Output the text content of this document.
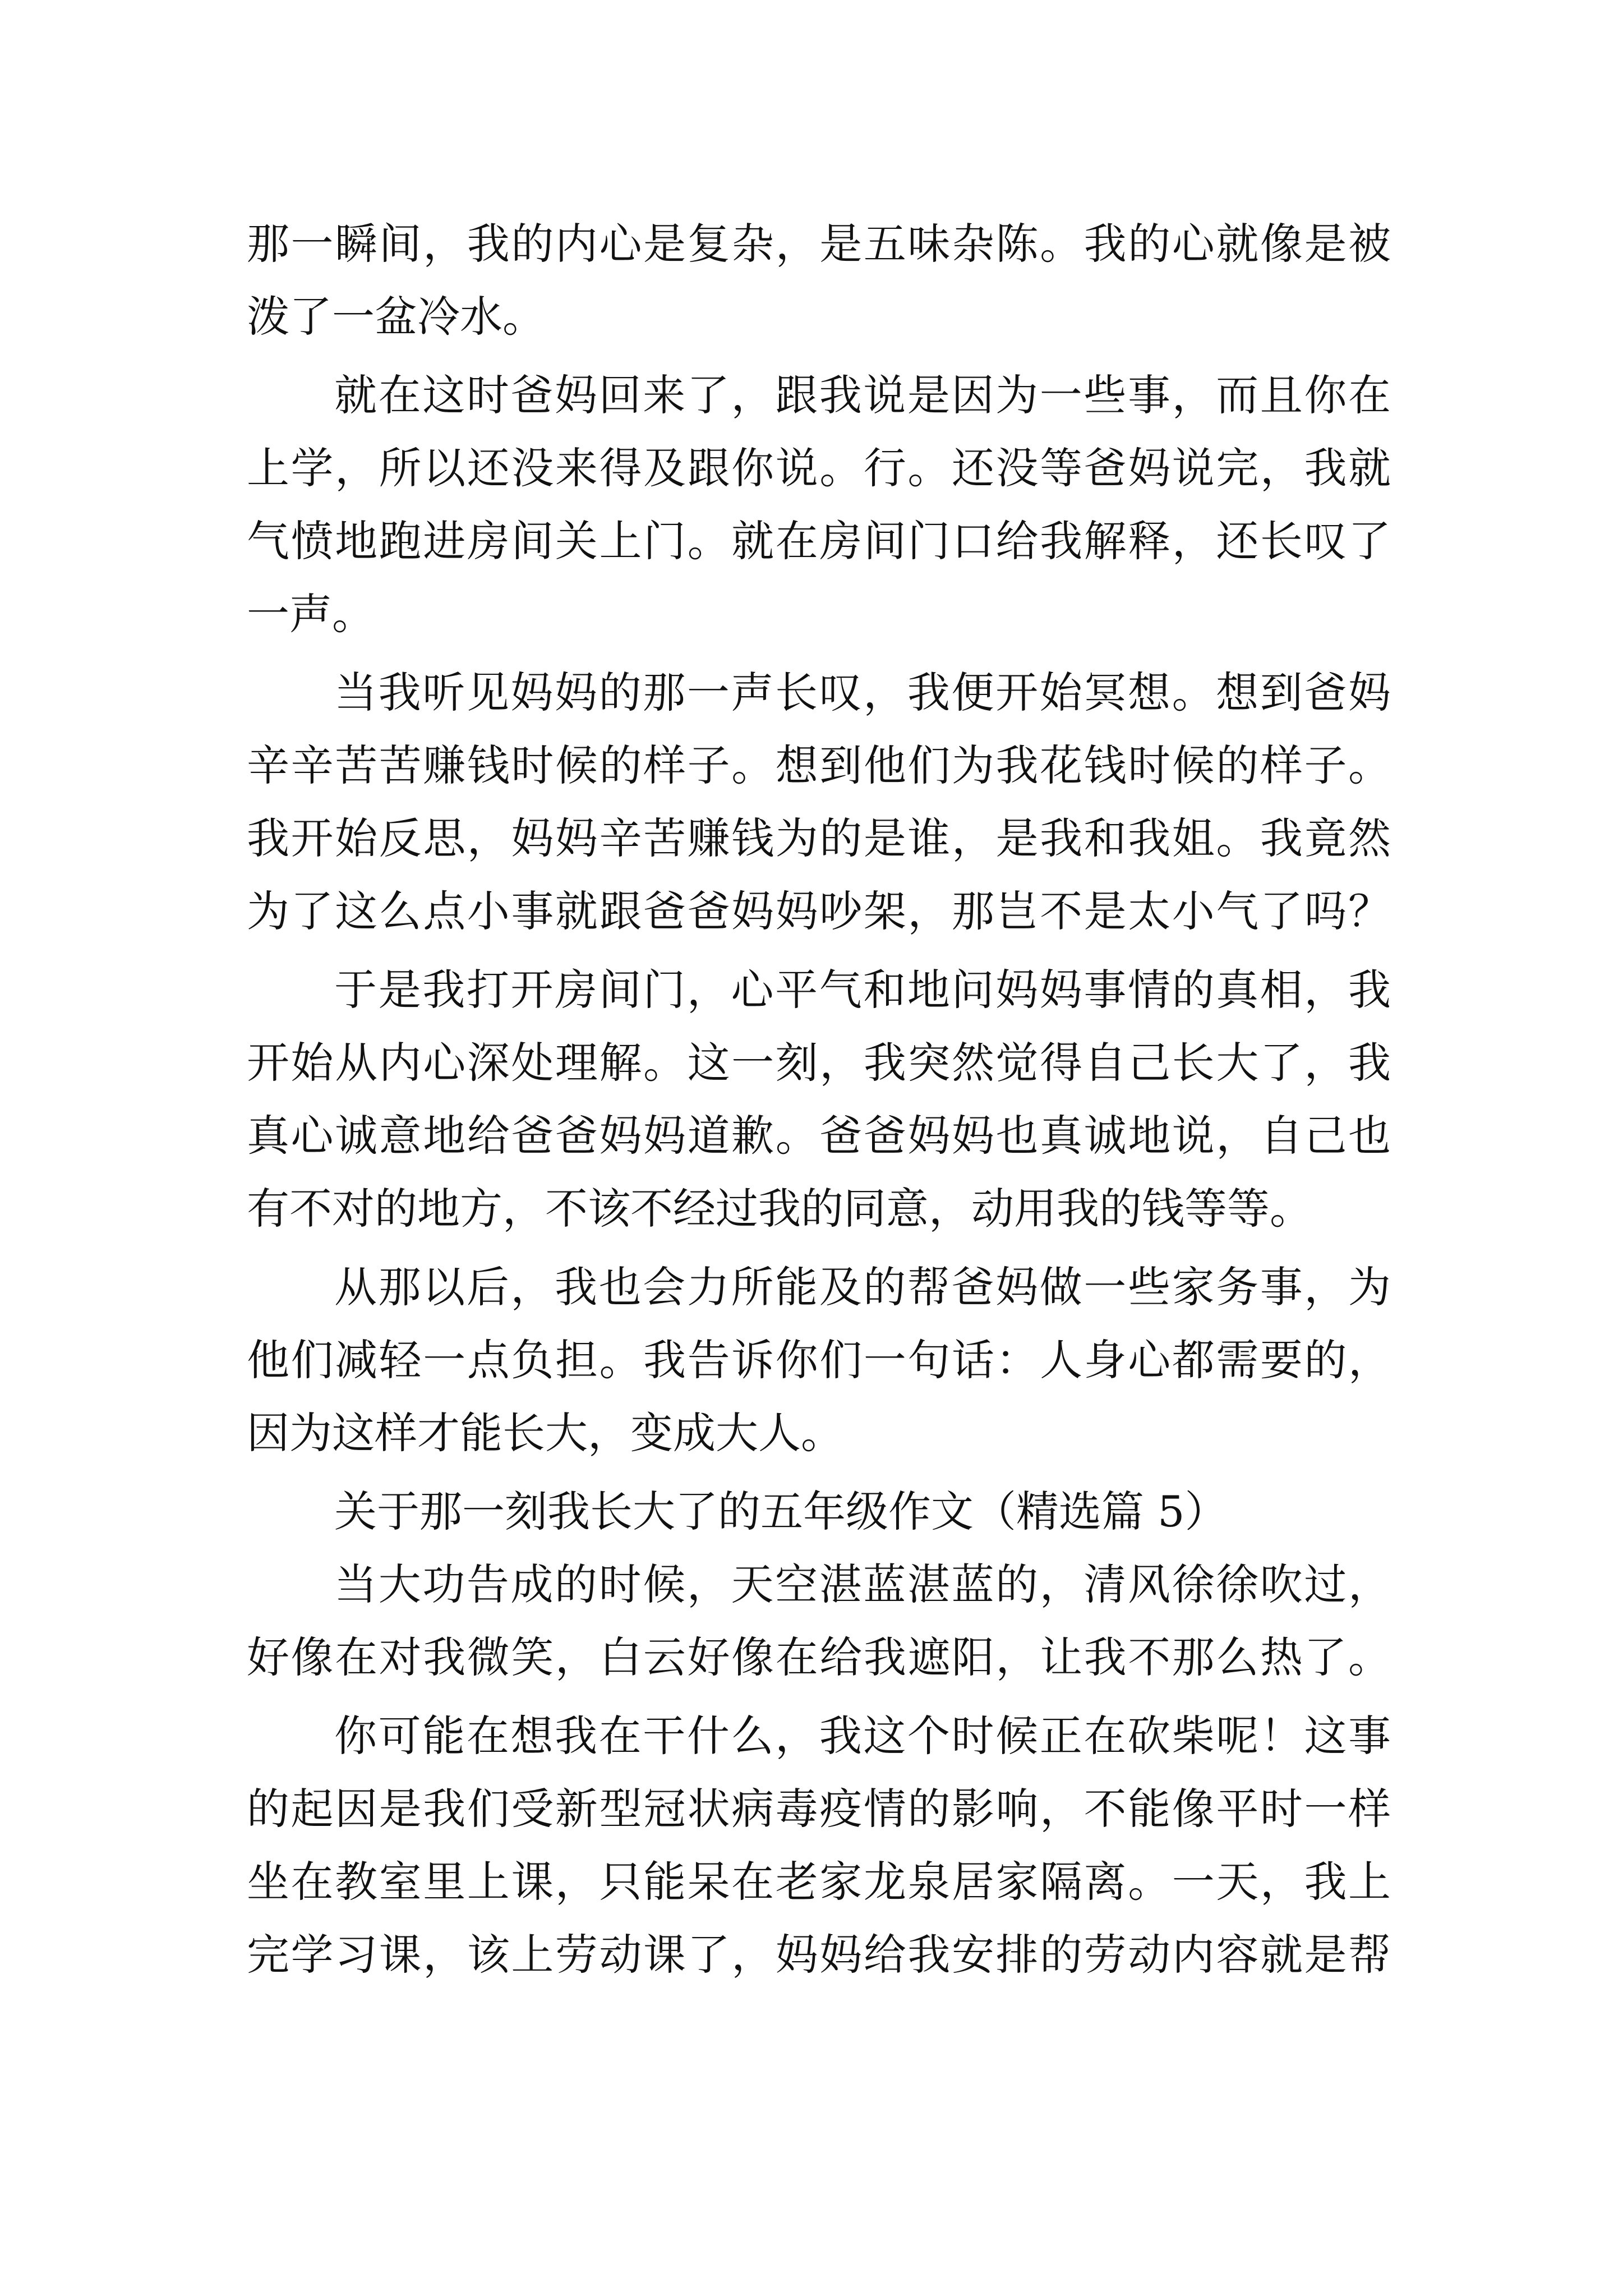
那一瞬间，我的内心是复杂，是五味杂陈。我的心就像是被
泼了一盆冷水。
就在这时爸妈回来了，跟我说是因为一些事，而且你在
上学，所以还没来得及跟你说。行。还没等爸妈说完，我就
气愤地跑进房间关上门。就在房间门口给我解释，还长叹了
一声。
当我听见妈妈的那一声长叹，我便开始冥想。想到爸妈
辛辛苦苦赚钱时候的样子。想到他们为我花钱时候的样子。
我开始反思，妈妈辛苦赚钱为的是谁，是我和我姐。我竟然
为了这么点小事就跟爸爸妈妈吵架，那岂不是太小气了吗？
于是我打开房间门，心平气和地问妈妈事情的真相，我
开始从内心深处理解。这一刻，我突然觉得自己长大了，我
真心诚意地给爸爸妈妈道歉。爸爸妈妈也真诚地说，自己也
有不对的地方，不该不经过我的同意，动用我的钱等等。
从那以后，我也会力所能及的帮爸妈做一些家务事，为
他们减轻一点负担。我告诉你们一句话：人身心都需要的，
因为这样才能长大，变成大人。
关于那一刻我长大了的五年级作文（精选篇 5）
当大功告成的时候，天空湛蓝湛蓝的，清风徐徐吹过，
好像在对我微笑，白云好像在给我遮阳，让我不那么热了。
你可能在想我在干什么，我这个时候正在砍柴呢！这事
的起因是我们受新型冠状病毒疫情的影响，不能像平时一样
坐在教室里上课，只能呆在老家龙泉居家隔离。一天，我上
完学习课，该上劳动课了，妈妈给我安排的劳动内容就是帮
